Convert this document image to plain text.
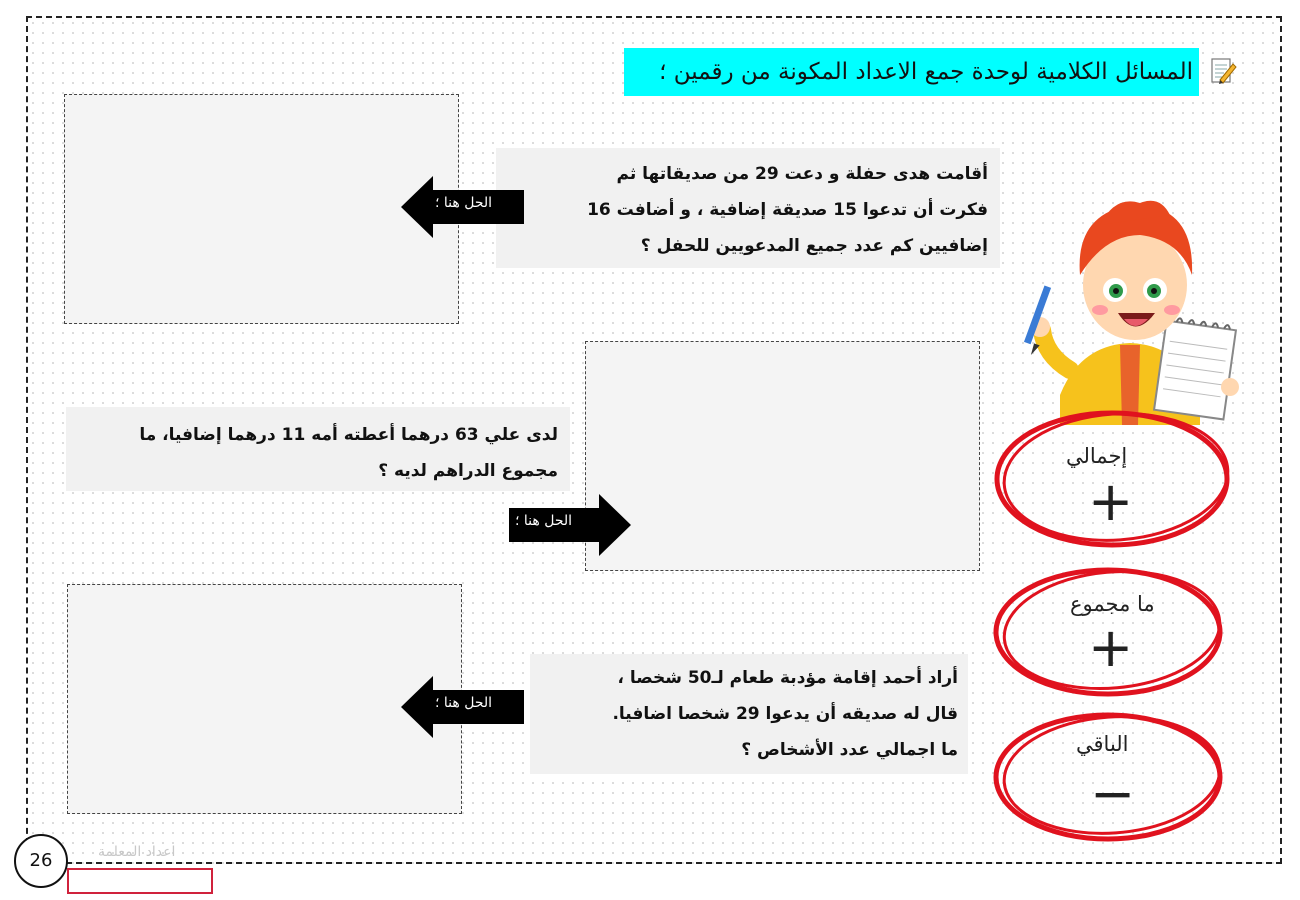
المسائل الكلامية لوحدة جمع الاعداد المكونة من رقمين ؛
أقامت هدى حفلة و دعت 29 من صديقاتها ثم
فكرت أن تدعوا 15 صديقة إضافية ، و أضافت 16
إضافيين كم عدد جميع المدعويين للحفل ؟
لدى علي 63 درهما أعطته أمه 11 درهما إضافيا، ما
مجموع الدراهم لديه ؟
أراد أحمد إقامة مؤدبة طعام لـ50 شخصا ،
قال له صديقه أن يدعوا 29 شخصا اضافيا.
ما اجمالي عدد الأشخاص ؟
الحل هنا ؛
الحل هنا ؛
الحل هنا ؛
إجمالي
+
ما مجموع
+
الباقي
−
26	اعداد المعلمة
